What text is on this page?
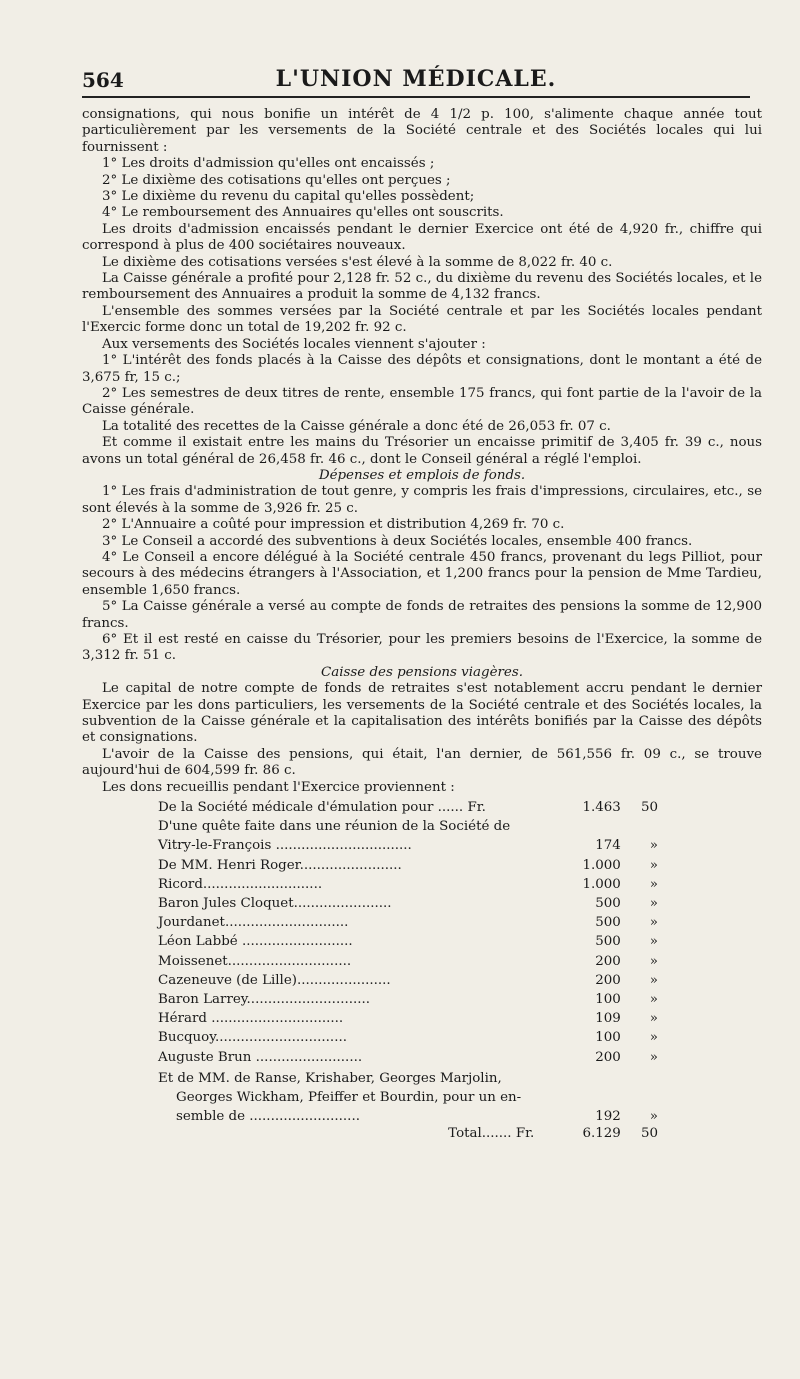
564	L'UNION MÉDICALE.

consignations, qui nous bonifie un intérêt de 4 1/2 p. 100, s'alimente chaque année tout particulièrement par les versements de la Société centrale et des Sociétés locales qui lui fournissent :

1° Les droits d'admission qu'elles ont encaissés ;

2° Le dixième des cotisations qu'elles ont perçues ;

3° Le dixième du revenu du capital qu'elles possèdent;

4° Le remboursement des Annuaires qu'elles ont souscrits.

Les droits d'admission encaissés pendant le dernier Exercice ont été de 4,920 fr., chiffre qui correspond à plus de 400 sociétaires nouveaux.

Le dixième des cotisations versées s'est élevé à la somme de 8,022 fr. 40 c.

La Caisse générale a profité pour 2,128 fr. 52 c., du dixième du revenu des Sociétés locales, et le remboursement des Annuaires a produit la somme de 4,132 francs.

L'ensemble des sommes versées par la Société centrale et par les Sociétés locales pendant l'Exercic forme donc un total de 19,202 fr. 92 c.

Aux versements des Sociétés locales viennent s'ajouter :

1° L'intérêt des fonds placés à la Caisse des dépôts et consignations, dont le montant a été de 3,675 fr, 15 c.;

2° Les semestres de deux titres de rente, ensemble 175 francs, qui font partie de la l'avoir de la Caisse générale.

La totalité des recettes de la Caisse générale a donc été de 26,053 fr. 07 c.

Et comme il existait entre les mains du Trésorier un encaisse primitif de 3,405 fr. 39 c., nous avons un total général de 26,458 fr. 46 c., dont le Conseil général a réglé l'emploi.

Dépenses et emplois de fonds.

1° Les frais d'administration de tout genre, y compris les frais d'impressions, circulaires, etc., se sont élevés à la somme de 3,926 fr. 25 c.

2° L'Annuaire a coûté pour impression et distribution 4,269 fr. 70 c.

3° Le Conseil a accordé des subventions à deux Sociétés locales, ensemble 400 francs.

4° Le Conseil a encore délégué à la Société centrale 450 francs, provenant du legs Pilliot, pour secours à des médecins étrangers à l'Association, et 1,200 francs pour la pension de Mme Tardieu, ensemble 1,650 francs.

5° La Caisse générale a versé au compte de fonds de retraites des pensions la somme de 12,900 francs.

6° Et il est resté en caisse du Trésorier, pour les premiers besoins de l'Exercice, la somme de 3,312 fr. 51 c.

Caisse des pensions viagères.

Le capital de notre compte de fonds de retraites s'est notablement accru pendant le dernier Exercice par les dons particuliers, les versements de la Société centrale et des Sociétés locales, la subvention de la Caisse générale et la capitalisation des intérêts bonifiés par la Caisse des dépôts et consignations.

L'avoir de la Caisse des pensions, qui était, l'an dernier, de 561,556 fr. 09 c., se trouve aujourd'hui de 604,599 fr. 86 c.

Les dons recueillis pendant l'Exercice proviennent :

De la Société médicale d'émulation pour ...... Fr.	1.463	50
D'une quête faite dans une réunion de la Société de		
Vitry-le-François ................................	174	»
De MM. Henri Roger........................	1.000	»
Ricord............................	1.000	»
Baron Jules Cloquet.......................	500	»
Jourdanet.............................	500	»
Léon Labbé ..........................	500	»
Moissenet.............................	200	»
Cazeneuve (de Lille)......................	200	»
Baron Larrey.............................	100	»
Hérard ...............................	109	»
Bucquoy...............................	100	»
Auguste Brun .........................	200	»

Et de MM. de Ranse, Krishaber, Georges Marjolin,
Georges Wickham, Pfeiffer et Bourdin, pour un en-
semble de ..........................	192	»
Total....... Fr.	6.129	50
